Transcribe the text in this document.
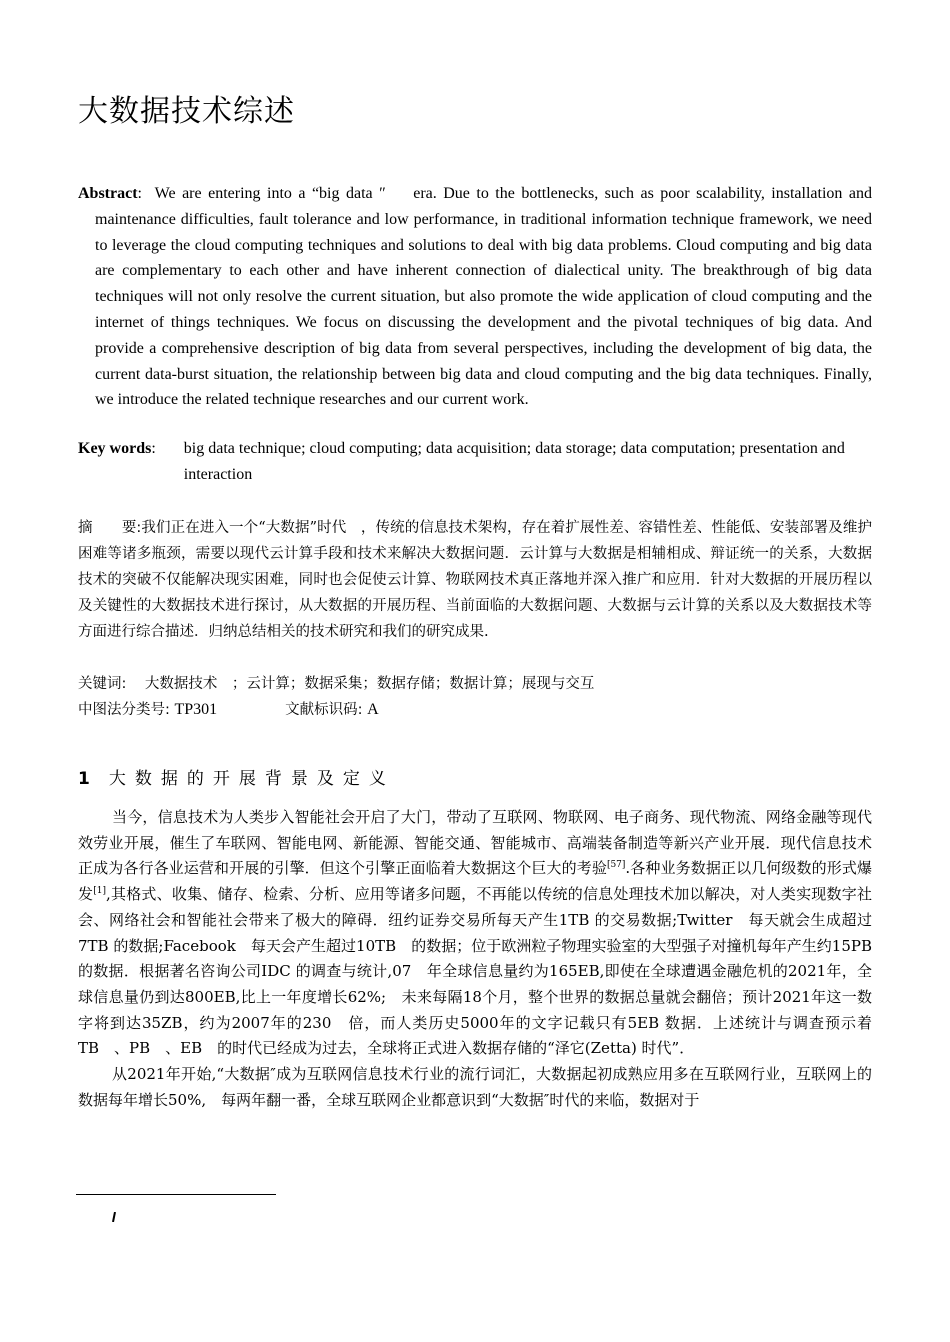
大数据技术综述

Abstract:  We are entering into a “big data ″　 era. Due to the bottlenecks, such as poor scalability, installation and maintenance difficulties, fault tolerance and low performance, in traditional information technique framework, we need to leverage the cloud computing techniques and solutions to deal with big data problems. Cloud computing and big data are complementary to each other and have inherent connection of dialectical unity. The breakthrough of big data techniques will not only resolve the current situation, but also promote the wide application of cloud computing and the internet of things techniques. We focus on discussing the development and the pivotal techniques of big data. And provide a comprehensive description of big data from several perspectives, including the development of big data, the current data-burst situation, the relationship between big data and cloud computing and the big data techniques. Finally, we introduce the related technique researches and our current work.

Key words:	big data technique; cloud computing; data acquisition; data storage; data computation; presentation and interaction

摘　　要:我们正在进入一个“大数据”时代　，传统的信息技术架构，存在着扩展性差、容错性差、性能低、安装部署及维护困难等诸多瓶颈，需要以现代云计算手段和技术来解决大数据问题．云计算与大数据是相辅相成、辩证统一的关系，大数据技术的突破不仅能解决现实困难，同时也会促使云计算、物联网技术真正落地并深入推广和应用．针对大数据的开展历程以及关键性的大数据技术进行探讨，从大数据的开展历程、当前面临的大数据问题、大数据与云计算的关系以及大数据技术等方面进行综合描述．归纳总结相关的技术研究和我们的研究成果.

关键词: 大数据技术　；云计算；数据采集；数据存储；数据计算；展现与交互
中图法分类号: TP301	文献标识码: A
1 大数据的开展背景及定义

当今，信息技术为人类步入智能社会开启了大门，带动了互联网、物联网、电子商务、现代物流、网络金融等现代效劳业开展，催生了车联网、智能电网、新能源、智能交通、智能城市、高端装备制造等新兴产业开展．现代信息技术正成为各行各业运营和开展的引擎．但这个引擎正面临着大数据这个巨大的考验[57].各种业务数据正以几何级数的形式爆发[1],其格式、收集、储存、检索、分析、应用等诸多问题，不再能以传统的信息处理技术加以解决，对人类实现数字社会、网络社会和智能社会带来了极大的障碍．纽约证券交易所每天产生1TB 的交易数据;Twitter　每天就会生成超过7TB 的数据;Facebook　每天会产生超过10TB　的数据；位于欧洲粒子物理实验室的大型强子对撞机每年产生约15PB　的数据．根据著名咨询公司IDC 的调查与统计,07　年全球信息量约为165EB,即使在全球遭遇金融危机的2021年，全球信息量仍到达800EB,比上一年度增长62%;　未来每隔18个月，整个世界的数据总量就会翻倍；预计2021年这一数字将到达35ZB，约为2007年的230　倍，而人类历史5000年的文字记载只有5EB 数据．上述统计与调查预示着TB　、PB　、EB　的时代已经成为过去，全球将正式进入数据存储的“泽它(Zetta) 时代”．

从2021年开始,“大数据″成为互联网信息技术行业的流行词汇，大数据起初成熟应用多在互联网行业，互联网上的数据每年增长50%,　每两年翻一番，全球互联网企业都意识到“大数据″时代的来临，数据对于
